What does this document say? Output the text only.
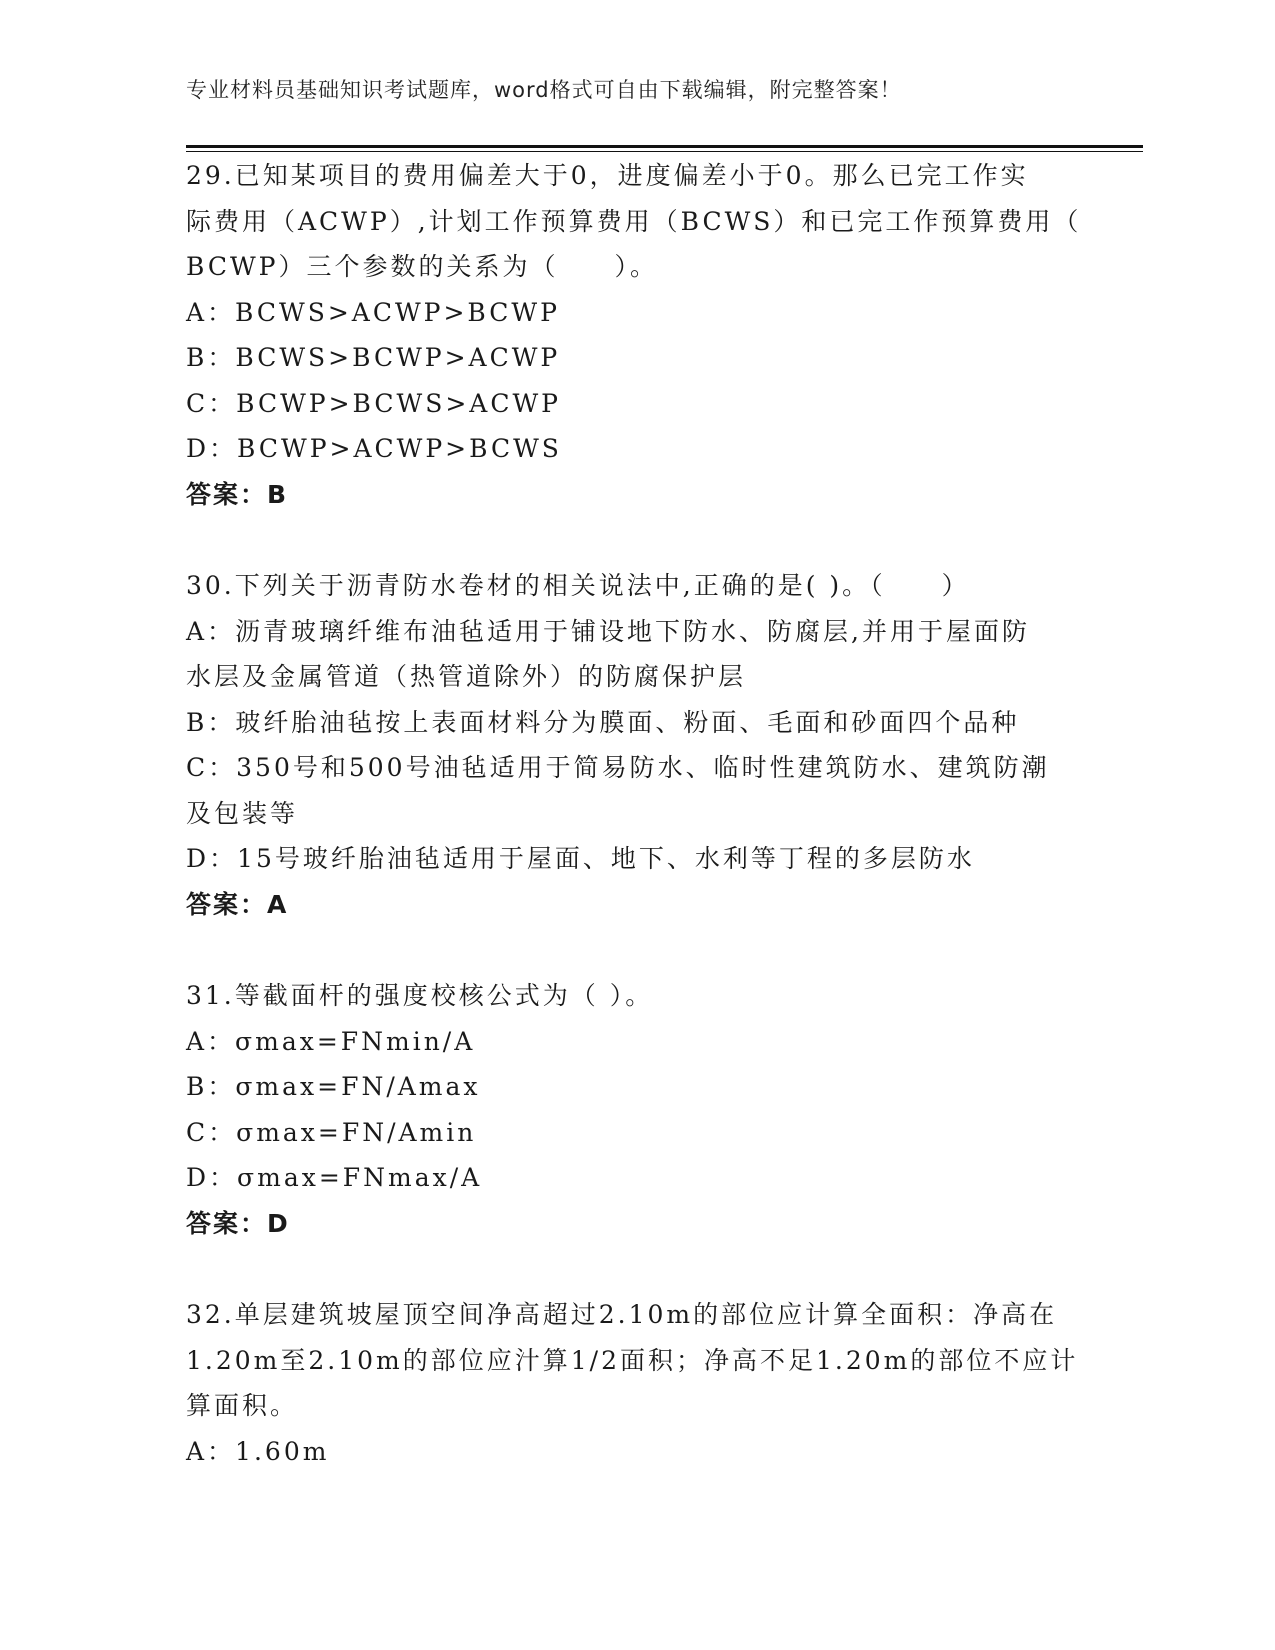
专业材料员基础知识考试题库，word格式可自由下载编辑，附完整答案！
29.已知某项目的费用偏差大于0，进度偏差小于0。那么已完工作实
际费用（ACWP）,计划工作预算费用（BCWS）和已完工作预算费用（
BCWP）三个参数的关系为（　　）。
A：BCWS>ACWP>BCWP
B：BCWS>BCWP>ACWP
C：BCWP>BCWS>ACWP
D：BCWP>ACWP>BCWS
答案：B
30.下列关于沥青防水卷材的相关说法中,正确的是( )。（　　）
A：沥青玻璃纤维布油毡适用于铺设地下防水、防腐层,并用于屋面防
水层及金属管道（热管道除外）的防腐保护层
B：玻纤胎油毡按上表面材料分为膜面、粉面、毛面和砂面四个品种
C：350号和500号油毡适用于简易防水、临时性建筑防水、建筑防潮
及包装等
D：15号玻纤胎油毡适用于屋面、地下、水利等丁程的多层防水
答案：A
31.等截面杆的强度校核公式为（ ）。
A：σmax=FNmin/A
B：σmax=FN/Amax
C：σmax=FN/Amin
D：σmax=FNmax/A
答案：D
32.单层建筑坡屋顶空间净高超过2.10m的部位应计算全面积：净高在
1.20m至2.10m的部位应汁算1/2面积；净高不足1.20m的部位不应计
算面积。
A：1.60m
